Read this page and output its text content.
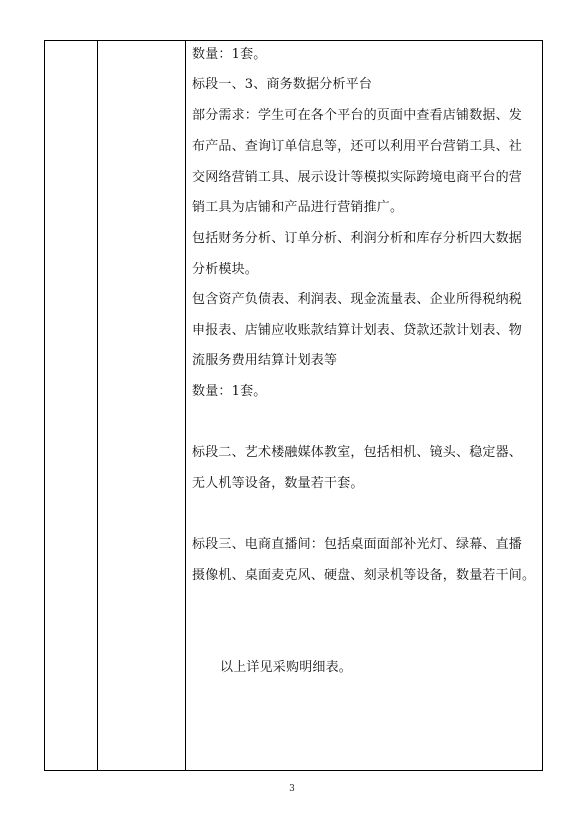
数量：1套。
标段一、3、商务数据分析平台
部分需求：学生可在各个平台的页面中查看店铺数据、发
布产品、查询订单信息等，还可以利用平台营销工具、社
交网络营销工具、展示设计等模拟实际跨境电商平台的营
销工具为店铺和产品进行营销推广。
包括财务分析、订单分析、利润分析和库存分析四大数据
分析模块。
包含资产负债表、利润表、现金流量表、企业所得税纳税
申报表、店铺应收账款结算计划表、贷款还款计划表、物
流服务费用结算计划表等
数量：1套。
标段二、艺术楼融媒体教室，包括相机、镜头、稳定器、
无人机等设备，数量若干套。
标段三、电商直播间：包括桌面面部补光灯、绿幕、直播
摄像机、桌面麦克风、硬盘、刻录机等设备，数量若干间。
以上详见采购明细表。
3
